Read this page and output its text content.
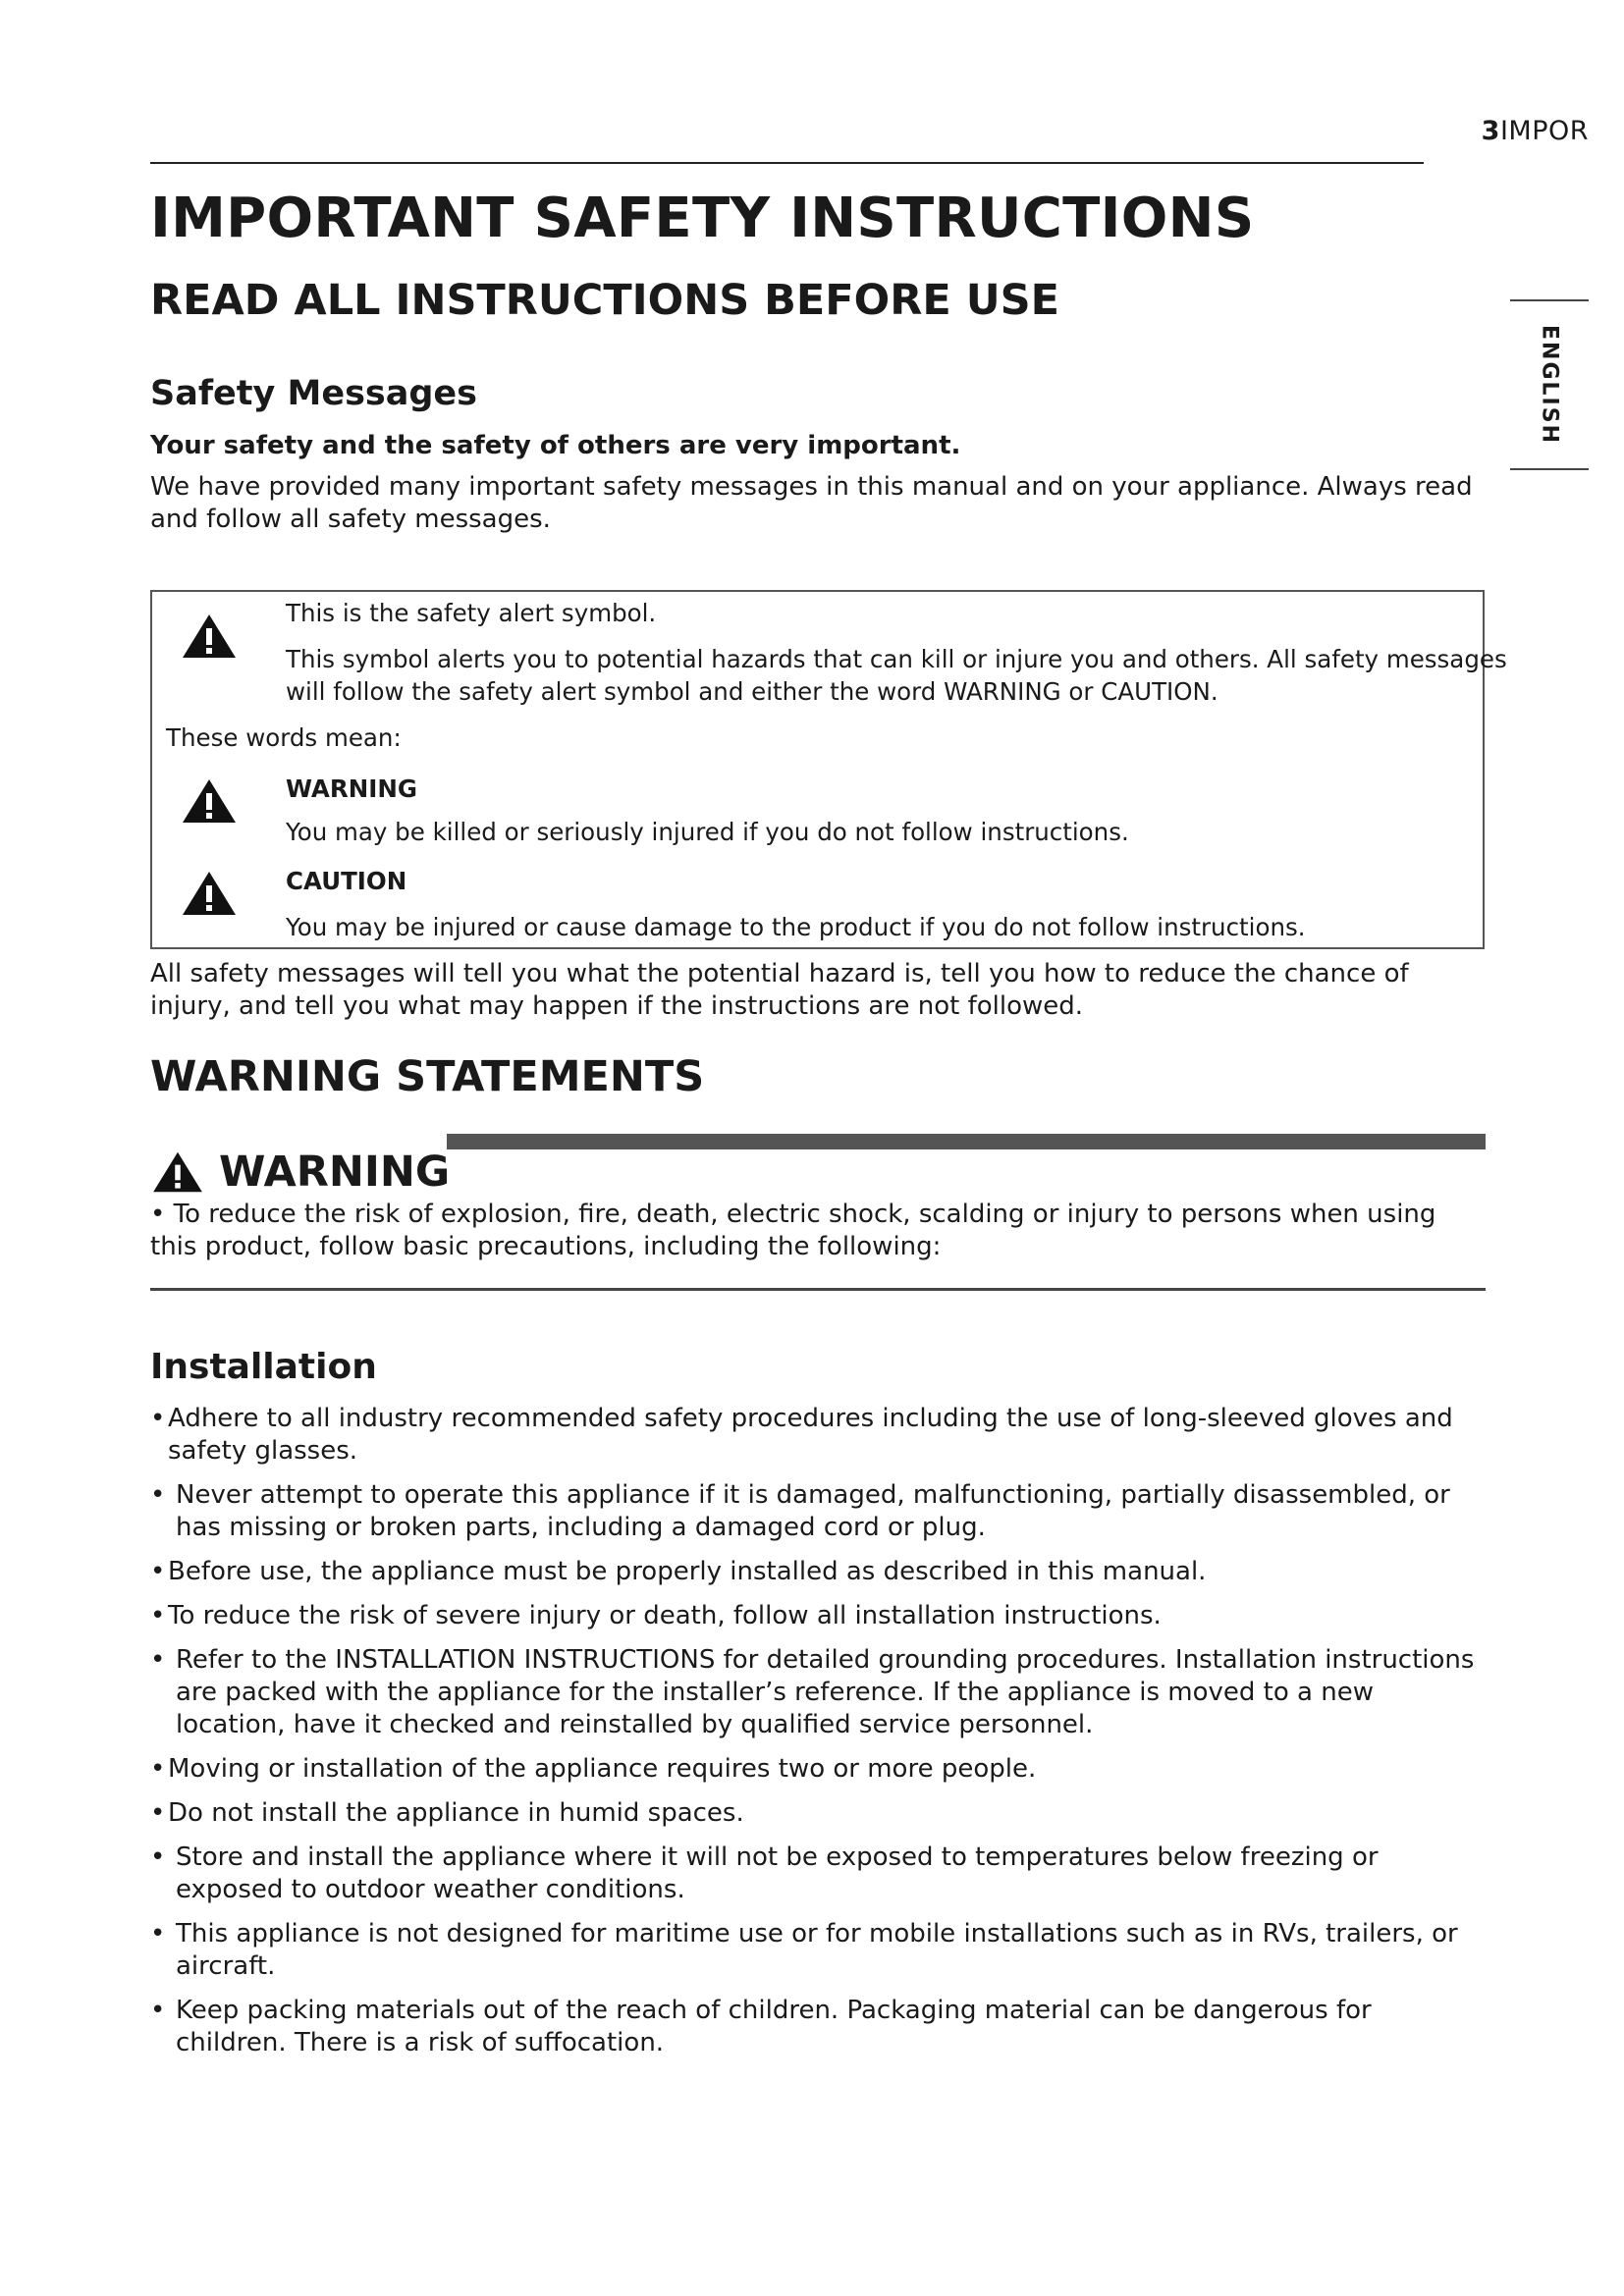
3IMPOR
ENGLISH
IMPORTANT SAFETY INSTRUCTIONS
READ ALL INSTRUCTIONS BEFORE USE
Safety Messages
Your safety and the safety of others are very important.

We have provided many important safety messages in this manual and on your appliance. Always read and follow all safety messages.

This is the safety alert symbol.
This symbol alerts you to potential hazards that can kill or injure you and others. All safety messages
will follow the safety alert symbol and either the word WARNING or CAUTION.
These words mean:
WARNING
You may be killed or seriously injured if you do not follow instructions.
CAUTION
You may be injured or cause damage to the product if you do not follow instructions.
All safety messages will tell you what the potential hazard is, tell you how to reduce the chance of injury, and tell you what may happen if the instructions are not followed.
WARNING STATEMENTS
WARNING
• To reduce the risk of explosion, fire, death, electric shock, scalding or injury to persons when using this product, follow basic precautions, including the following:
Installation
• Adhere to all industry recommended safety procedures including the use of long-sleeved gloves and safety glasses.
• Never attempt to operate this appliance if it is damaged, malfunctioning, partially disassembled, or has missing or broken parts, including a damaged cord or plug.
• Before use, the appliance must be properly installed as described in this manual.
• To reduce the risk of severe injury or death, follow all installation instructions.
• Refer to the INSTALLATION INSTRUCTIONS for detailed grounding procedures. Installation instructions are packed with the appliance for the installer’s reference. If the appliance is moved to a new location, have it checked and reinstalled by qualified service personnel.
• Moving or installation of the appliance requires two or more people.
• Do not install the appliance in humid spaces.
• Store and install the appliance where it will not be exposed to temperatures below freezing or exposed to outdoor weather conditions.
• This appliance is not designed for maritime use or for mobile installations such as in RVs, trailers, or aircraft.
• Keep packing materials out of the reach of children. Packaging material can be dangerous for children. There is a risk of suffocation.
